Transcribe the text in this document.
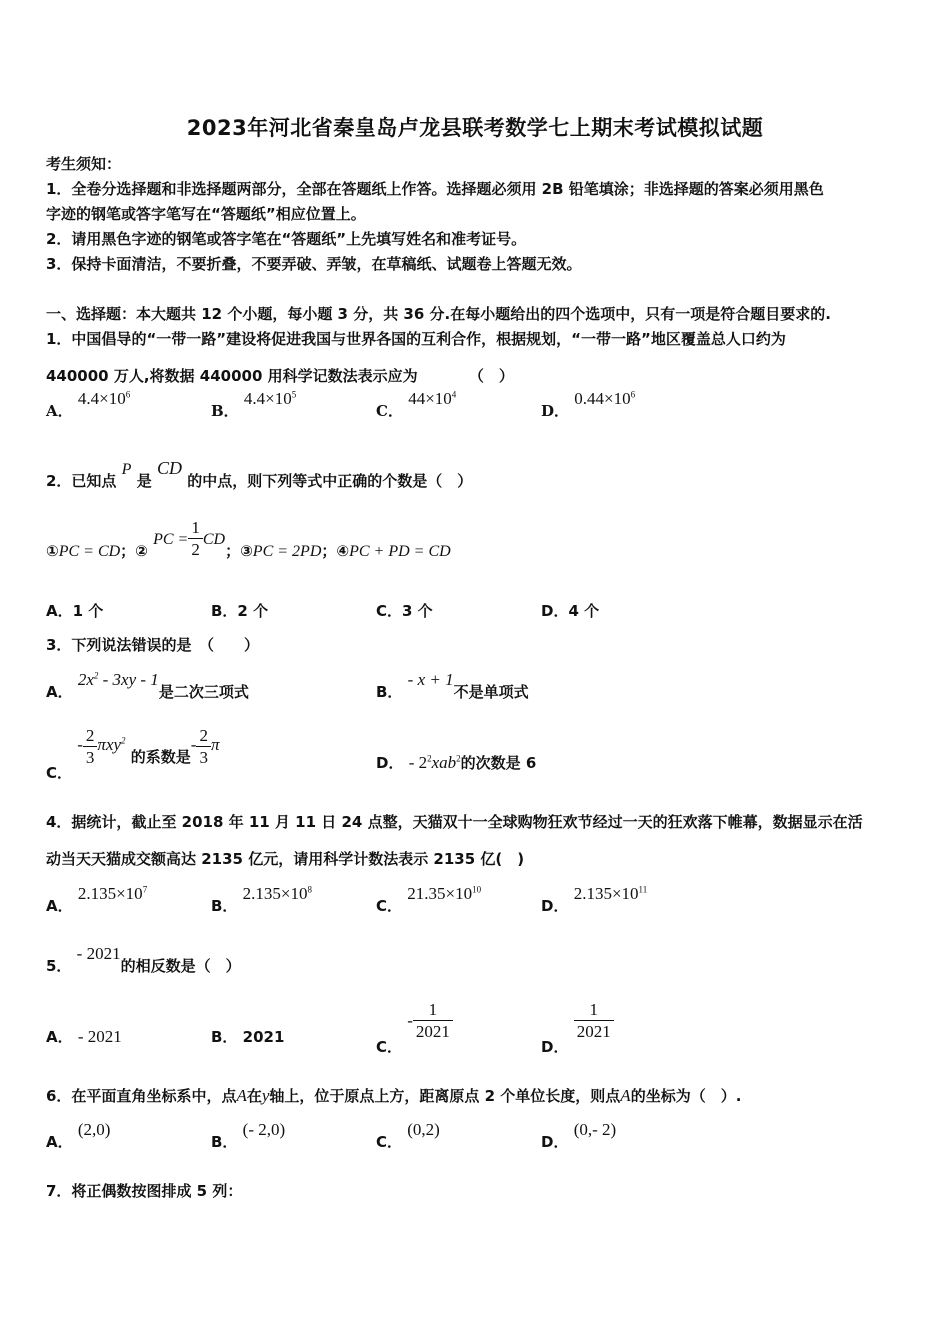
2023年河北省秦皇岛卢龙县联考数学七上期末考试模拟试题
考生须知：
1．全卷分选择题和非选择题两部分，全部在答题纸上作答。选择题必须用 2B 铅笔填涂；非选择题的答案必须用黑色
字迹的钢笔或答字笔写在“答题纸”相应位置上。
2．请用黑色字迹的钢笔或答字笔在“答题纸”上先填写姓名和准考证号。
3．保持卡面清洁，不要折叠，不要弄破、弄皱，在草稿纸、试题卷上答题无效。
一、选择题：本大题共 12 个小题，每小题 3 分，共 36 分.在每小题给出的四个选项中，只有一项是符合题目要求的.
1．中国倡导的“一带一路”建设将促进我国与世界各国的互利合作，根据规划，“一带一路”地区覆盖总人口约为
440000 万人,将数据 440000 用科学记数法表示应为	（　）
A． $4.4\times 10^6$
B． $4.4\times 10^5$
C． $44\times 10^4$
D． $0.44\times 10^6$
2．已知点 P 是 CD 的中点，则下列等式中正确的个数是（　）
①PC = CD；② PC = $\frac{1}{2}$ CD；③PC = 2PD；④PC + PD = CD
A．1 个	B．2 个	C．3 个	D．4 个
3．下列说法错误的是　（　　）
A． $2x^2 - 3xy - 1$是二次三项式	B． - x + 1不是单项式
C． - $\frac{2}{3} \pi xy^2$ 的系数是- $\frac{2}{3}$ π
D． - $2^2xab^2$的次数是 6
4．据统计，截止至 2018 年 11 月 11 日 24 点整，天猫双十一全球购物狂欢节经过一天的狂欢落下帷幕，数据显示在活
动当天天猫成交额高达 2135 亿元，请用科学计数法表示 2135 亿(　)
A． $2.135\times 10^7$
B． $2.135\times 10^8$
C． $21.35\times 10^{10}$
D． $2.135\times 10^{11}$
5． - 2021的相反数是（　）
A． - 2021	B． 2021
C． - $\frac{1}{2021}$
D．
$\frac{1}{2021}$
6．在平面直角坐标系中，点A在y轴上，位于原点上方，距离原点 2 个单位长度，则点A的坐标为（　）.
A． (2,0)
B． (- 2,0)
C． (0,2)
D． (0,- 2)
7．将正偶数按图排成 5 列：
